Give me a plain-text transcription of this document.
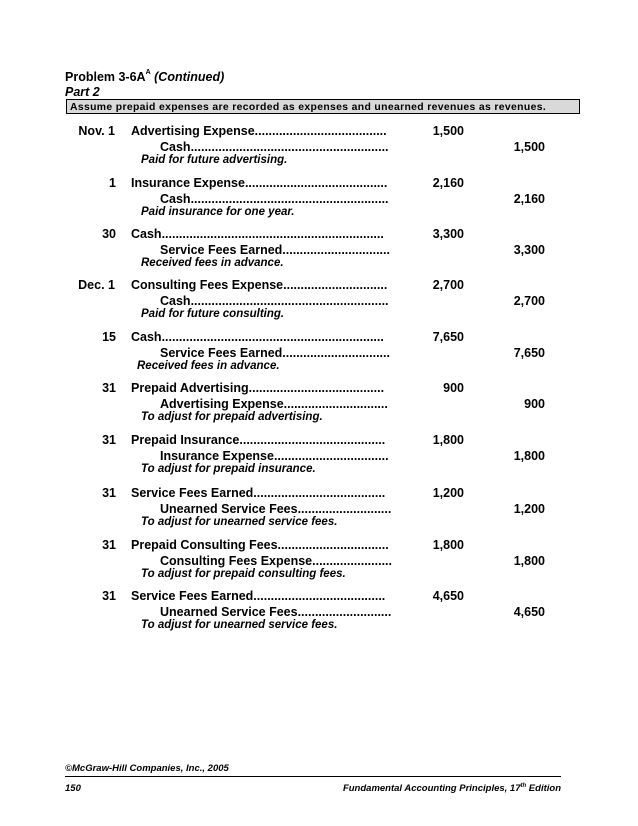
Problem $3-6A^A$ (Continued)
Part 2
Assume prepaid expenses are recorded as expenses and unearned revenues as revenues.
Nov. 1 Advertising Expense......................................	1,500
Cash.........................................................	1,500
Paid for future advertising.
1 Insurance Expense.........................................	2,160
Cash.........................................................	2,160
Paid insurance for one year.
30 Cash................................................................	3,300
Service Fees Earned...............................	3,300
Received fees in advance.
Dec. 1 Consulting Fees Expense..............................	2,700
Cash.........................................................	2,700
Paid for future consulting.
15 Cash................................................................	7,650
Service Fees Earned...............................	7,650
Received fees in advance.
31 Prepaid Advertising.......................................	900
Advertising Expense..............................	900
To adjust for prepaid advertising.
31 Prepaid Insurance..........................................	1,800
Insurance Expense.................................	1,800
To adjust for prepaid insurance.
31 Service Fees Earned......................................	1,200
Unearned Service Fees...........................	1,200
To adjust for unearned service fees.
31 Prepaid Consulting Fees................................	1,800
Consulting Fees Expense.......................	1,800
To adjust for prepaid consulting fees.
31 Service Fees Earned......................................	4,650
Unearned Service Fees...........................	4,650
To adjust for unearned service fees.
©McGraw-Hill Companies, Inc., 2005
150	Fundamental Accounting Principles, 17th Edition
